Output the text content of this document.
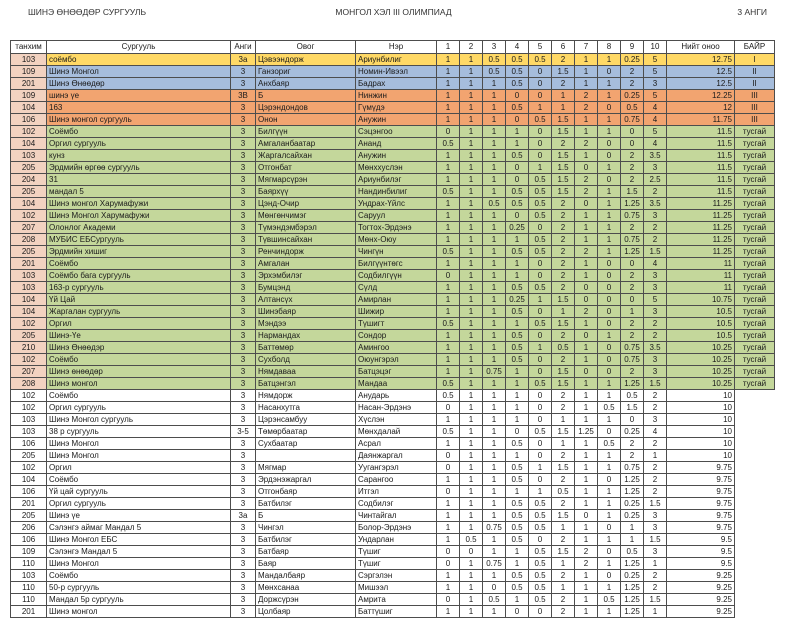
ШИНЭ ӨНӨӨДӨР СУРГУУЛЬ	МОНГОЛ ХЭЛ III ОЛИМПИАД	3 АНГИ
танхим	Сургууль	Анги	Овог	Нэр	1	2	3	4	5	6	7	8	9	10	Нийт оноо	БАЙР
103	соёмбо	3а	Цэвээндорж	Ариунбилиг	1	1	0.5	0.5	0.5	2	1	1	0.25	5	12.75	I
109	Шинэ Монгол	3	Ганзориг	Номин-Ивээл	1	1	0.5	0.5	0	1.5	1	0	2	5	12.5	II
201	Шинэ Өнөөдөр	3	Анхбаяр	Бадрах	1	1	1	0.5	0	2	1	1	2	3	12.5	II
109	шинэ үе	3В	Б	Нинжин	1	1	1	0	0	1	2	1	0.25	5	12.25	III
104	163	3	Цэрэндондов	Гүмүдэ	1	1	1	0.5	1	1	2	0	0.5	4	12	III
106	Шинэ монгол сургууль	3	Онон	Анужин	1	1	1	0	0.5	1.5	1	1	0.75	4	11.75	III
102	Соёмбо	3	Билгүүн	Сэцэнгоо	0	1	1	1	0	1.5	1	1	0	5	11.5	тусгай
104	Оргил сургууль	3	Амгаланбаатар	Ананд	0.5	1	1	1	0	2	2	0	0	4	11.5	тусгай
103	кунз	3	Жаргалсайхан	Анужин	1	1	1	0.5	0	1.5	1	0	2	3.5	11.5	тусгай
205	Эрдмийн өргөө сургууль	3	Отгонбат	Мөнххуслэн	1	1	1	0	1	1.5	0	1	2	3	11.5	тусгай
204	31	3	Мягмарсүрэн	Ариунбилэг	1	1	1	0	0.5	1.5	2	0	2	2.5	11.5	тусгай
205	мандал 5	3	Баярхүү	Нандинбилиг	0.5	1	1	0.5	0.5	1.5	2	1	1.5	2	11.5	тусгай
104	Шинэ монгол Харумафужи	3	Цэнд-Очир	Ундрах-Үйлс	1	1	0.5	0.5	0.5	2	0	1	1.25	3.5	11.25	тусгай
102	Шинэ Монгол Харумафужи	3	Мөнгөнчимэг	Саруул	1	1	1	0	0.5	2	1	1	0.75	3	11.25	тусгай
207	Олонлог Академи	3	Түмэндэмбэрэл	Тогтох-Эрдэнэ	1	1	1	0.25	0	2	1	1	2	2	11.25	тусгай
208	МУБИС ЕБСургууль	3	Түвшинсайхан	Мөнх-Оюу	1	1	1	1	0.5	2	1	1	0.75	2	11.25	тусгай
205	Эрдмийн хишиг	3	Ренчиндорж	Чингүн	0.5	1	1	0.5	0.5	2	2	1	1.25	1.5	11.25	тусгай
201	Соёмбо	3	Амгалан	Билгүүнтөгс	1	1	1	1	0	2	1	0	0	4	11	тусгай
103	Соёмбо бага сургууль	3	Эрхэмбилэг	Содбилгүүн	0	1	1	1	0	2	1	0	2	3	11	тусгай
103	163-р сургууль	3	Бумцэнд	Сүлд	1	1	1	0.5	0.5	2	0	0	2	3	11	тусгай
104	Үй Цай	3	Алтансүх	Амирлан	1	1	1	0.25	1	1.5	0	0	0	5	10.75	тусгай
104	Жаргалан сургууль	3	Шинэбаяр	Шижир	1	1	1	0.5	0	1	2	0	1	3	10.5	тусгай
102	Оргил	3	Мэндээ	Түшигт	0.5	1	1	1	0.5	1.5	1	0	2	2	10.5	тусгай
205	Шинэ-Үе	3	Нармандах	Сондор	1	1	1	0.5	0	2	0	1	2	2	10.5	тусгай
210	Шинэ Өнөөдэр	3	Баттөмөр	Амингоо	1	1	1	0.5	1	0.5	1	0	0.75	3.5	10.25	тусгай
102	Соёмбо	3	Сухболд	Оюунгэрэл	1	1	1	0.5	0	2	1	0	0.75	3	10.25	тусгай
207	Шинэ өнөөдөр	3	Нямдаваа	Батцэцэг	1	1	0.75	1	0	1.5	0	0	2	3	10.25	тусгай
208	Шинэ монгол	3	Батцэнгэл	Мандаа	0.5	1	1	1	0.5	1.5	1	1	1.25	1.5	10.25	тусгай
102	Соёмбо	3	Нямдорж	Анударь	0.5	1	1	1	0	2	1	1	0.5	2	10	
102	Оргил сургууль	3	Насанхутга	Насан-Эрдэнэ	0	1	1	1	0	2	1	0.5	1.5	2	10	
103	Шинэ Монгол сургууль	3	Цэрэнсамбуу	Хүслэн	1	1	1	1	0	1	1	1	0	3	10	
103	38 р сургууль	3-5	Төмөрбаатар	Мөнхдалай	0.5	1	1	0	0.5	1.5	1.25	0	0.25	4	10	
106	Шинэ Монгол	3	Сухбаатар	Асрал	1	1	1	0.5	0	1	1	0.5	2	2	10	
205	Шинэ Монгол	3		Даянжаргал	0	1	1	1	0	2	1	1	2	1	10	
102	Оргил	3	Мягмар	Уугангэрэл	0	1	1	0.5	1	1.5	1	1	0.75	2	9.75	
104	Соёмбо	3	Эрдэнэжаргал	Сарангоо	1	1	1	0.5	0	2	1	0	1.25	2	9.75	
106	Үй цай сургууль	3	Отгонбаяр	Итгэл	0	1	1	1	1	0.5	1	1	1.25	2	9.75	
201	Оргил сургууль	3	Батбилэг	Содбилэг	1	1	1	0.5	0.5	2	1	1	0.25	1.5	9.75	
205	Шинэ үе	3а	Б	Чинтайгал	1	1	1	0.5	0.5	1.5	0	1	0.25	3	9.75	
206	Сэлэнгэ аймаг Мандал 5	3	Чингэл	Болор-Эрдэнэ	1	1	0.75	0.5	0.5	1	1	0	1	3	9.75	
106	Шинэ Монгол ЕБС	3	Батбилэг	Ундарлан	1	0.5	1	0.5	0	2	1	1	1	1.5	9.5	
109	Сэлэнгэ Мандал 5	3	Батбаяр	Түшиг	0	0	1	1	0.5	1.5	2	0	0.5	3	9.5	
110	Шинэ Монгол	3	Баяр	Түшиг	0	1	0.75	1	0.5	1	2	1	1.25	1	9.5	
103	Соёмбо	3	Мандалбаяр	Сэргэлэн	1	1	1	0.5	0.5	2	1	0	0.25	2	9.25	
110	50-р сургууль	3	Мөнхсанаа	Мишээл	1	1	0	0.5	0.5	1	1	1	1.25	2	9.25	
110	Мандал 5р сургууль	3	Доржсүрэн	Амрита	0	1	0.5	1	0.5	2	1	0.5	1.25	1.5	9.25	
201	Шинэ монгол	3	Цолбаяр	Баттүшиг	1	1	1	0	0	2	1	1	1.25	1	9.25	
